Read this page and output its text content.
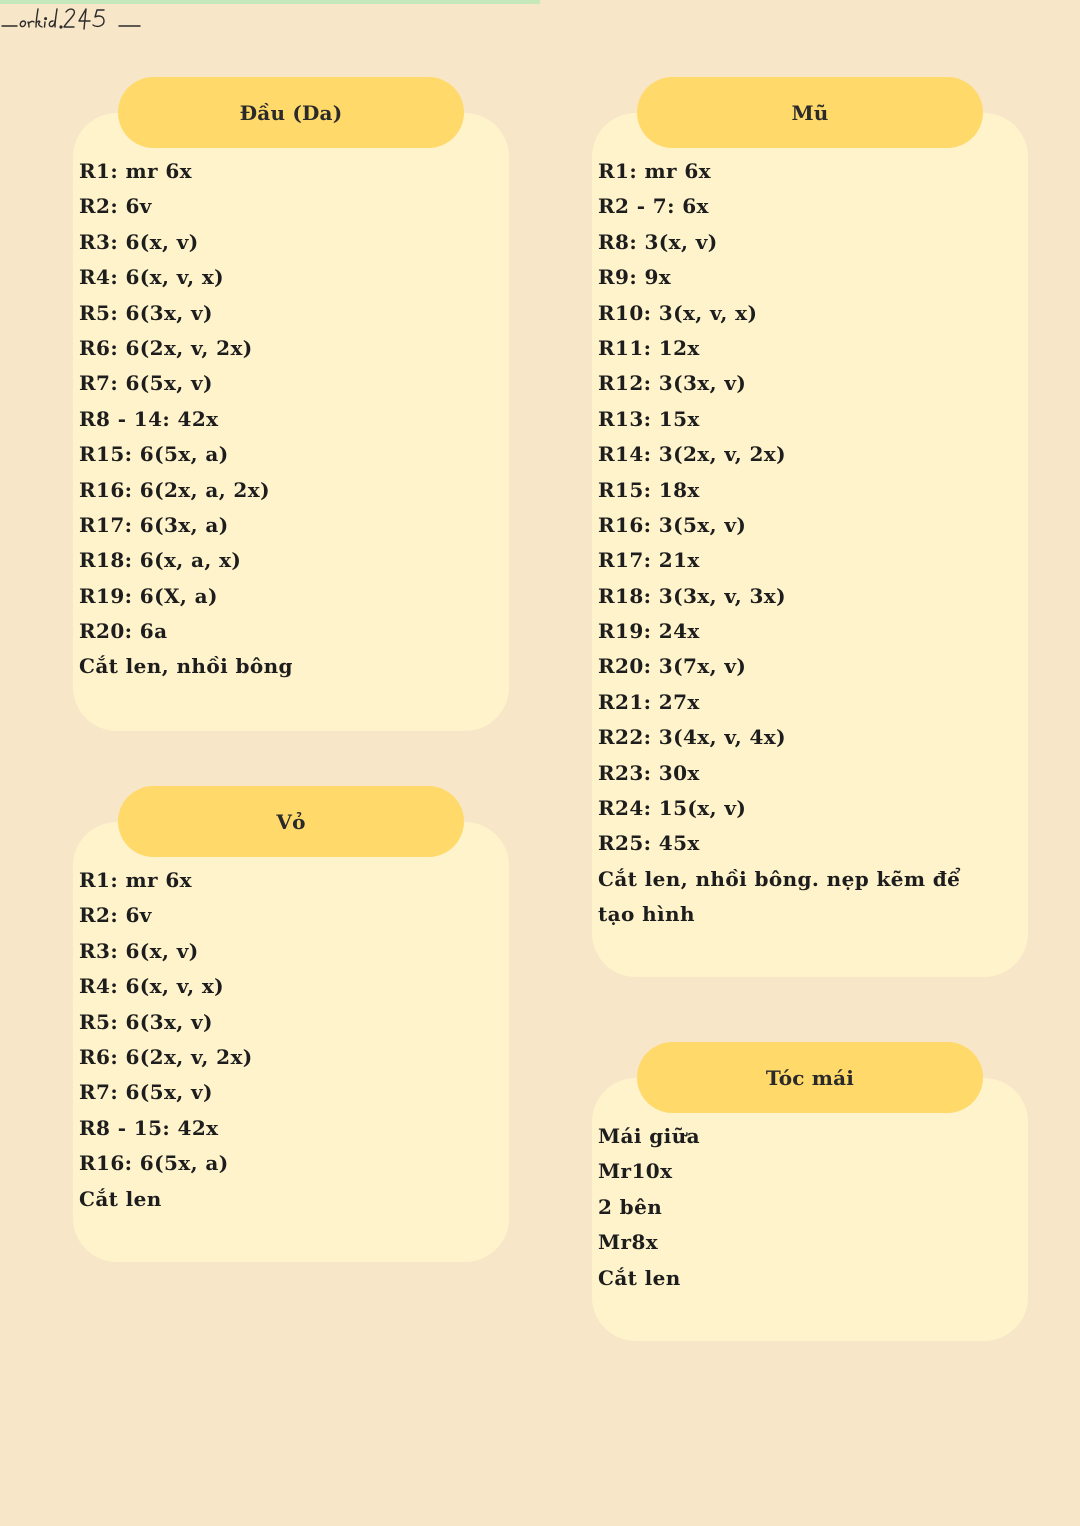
_orkid.245_
Đầu (Da)
R1: mr 6x
R2: 6v
R3: 6(x, v)
R4: 6(x, v, x)
R5: 6(3x, v)
R6: 6(2x, v, 2x)
R7: 6(5x, v)
R8 - 14: 42x
R15: 6(5x, a)
R16: 6(2x, a, 2x)
R17: 6(3x, a)
R18: 6(x, a, x)
R19: 6(X, a)
R20: 6a
Cắt len, nhồi bông
Vỏ
R1: mr 6x
R2: 6v
R3: 6(x, v)
R4: 6(x, v, x)
R5: 6(3x, v)
R6: 6(2x, v, 2x)
R7: 6(5x, v)
R8 - 15: 42x
R16: 6(5x, a)
Cắt len
Mũ
R1: mr 6x
R2 - 7: 6x
R8: 3(x, v)
R9: 9x
R10: 3(x, v, x)
R11: 12x
R12: 3(3x, v)
R13: 15x
R14: 3(2x, v, 2x)
R15: 18x
R16: 3(5x, v)
R17: 21x
R18: 3(3x, v, 3x)
R19: 24x
R20: 3(7x, v)
R21: 27x
R22: 3(4x, v, 4x)
R23: 30x
R24: 15(x, v)
R25: 45x
Cắt len, nhồi bông. nẹp kẽm để tạo hình
Tóc mái
Mái giữa
Mr10x
2 bên
Mr8x
Cắt len
